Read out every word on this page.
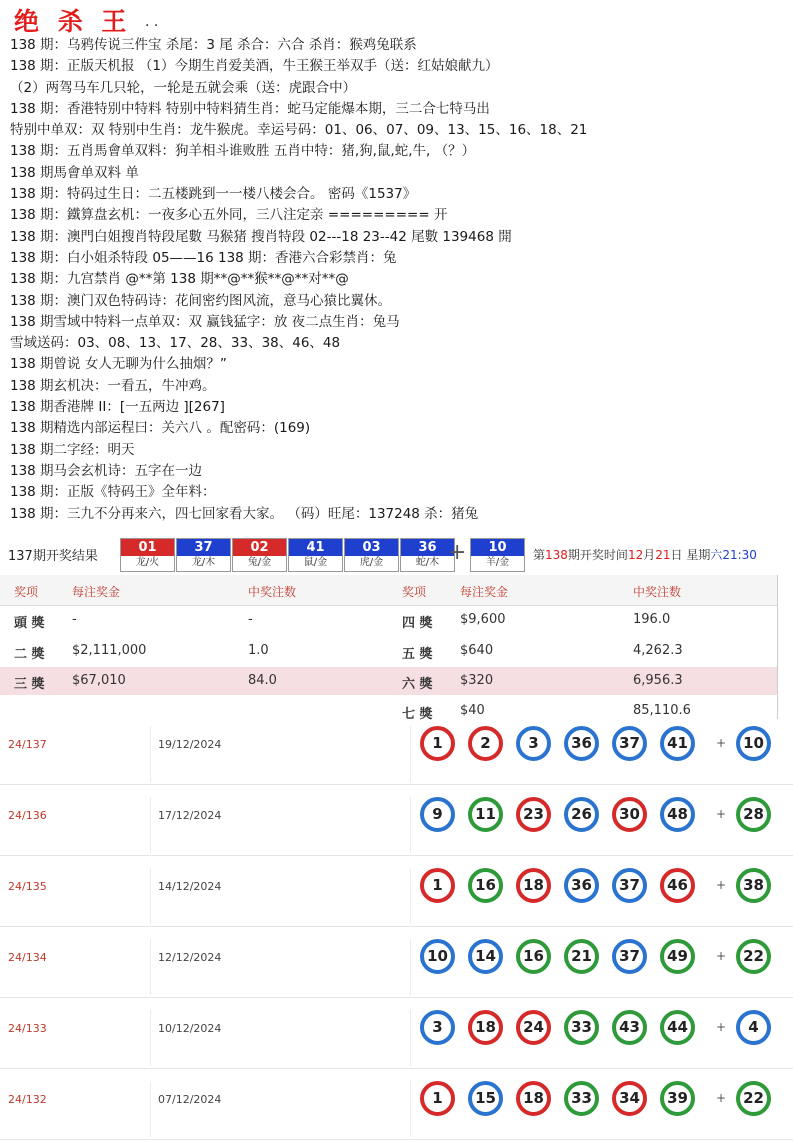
绝 杀 王 . .
138 期：乌鸦传说三件宝 杀尾：3 尾 杀合：六合 杀肖：猴鸡兔联系
138 期：正版天机报 （1）今期生肖爱美酒，牛王猴王举双手（送：红姑娘献九）
（2）两驾马车几只轮，一轮是五就会乘（送：虎跟合中）
138 期：香港特别中特料 特别中特料猜生肖：蛇马定能爆本期，三二合七特马出
特别中单双：双 特别中生肖：龙牛猴虎。幸运号码：01、06、07、09、13、15、16、18、21
138 期：五肖馬會单双料：狗羊相斗谁败胜 五肖中特：猪,狗,鼠,蛇,牛, （？）
138 期馬會单双料 单
138 期：特码过生日：二五楼跳到一一楼八楼会合。 密码《1537》
138 期：鐵算盘玄机：一夜多心五外同，三八注定亲 ========= 开
138 期：澳門白姐搜肖特段尾數 马猴猪 搜肖特段 02---18 23--42 尾數 139468 開
138 期：白小姐杀特段 05——16 138 期：香港六合彩禁肖：兔
138 期：九宫禁肖 @**第 138 期**@**猴**@**对**@
138 期：澳门双色特码诗：花间密约图风流，意马心猿比翼休。
138 期雪域中特料一点单双：双 赢钱猛字：放 夜二点生肖：兔马
雪域送码：03、08、13、17、28、33、38、46、48
138 期曾说 女人无聊为什么抽烟？”
138 期玄机决：一看五，牛冲鸡。
138 期香港牌 II：[一五两边 ][267]
138 期精选内部运程曰：关六八 。配密码：(169)
138 期二字经：明天
138 期马会玄机诗：五字在一边
138 期：正版《特码王》全年料：
138 期：三九不分再来六，四七回家看大家。 （码）旺尾：137248 杀：猪兔
137期开奖结果
01
龙/火
37
龙/木
02
兔/金
41
鼠/金
03
虎/金
36
蛇/木
10
羊/金
+	第138期开奖时间12月21日 星期六21:30
奖项	每注奖金	中奖注数	奖项	每注奖金	中奖注数
頭 獎 -	-
二 獎 $2,111,000	1.0
三 獎 $67,010	84.0
四 獎 $9,600	196.0
五 獎 $640	4,262.3
六 獎 $320	6,956.3
七 獎 $40	85,110.6
24/137	19/12/2024	1	2	3	36	37	41	+	10
24/136	17/12/2024	9	11	23	26	30	48	+	28
24/135	14/12/2024	1	16	18	36	37	46	+	38
24/134	12/12/2024	10	14	16	21	37	49	+	22
24/133	10/12/2024	3	18	24	33	43	44	+	4
24/132	07/12/2024	1	15	18	33	34	39	+	22
